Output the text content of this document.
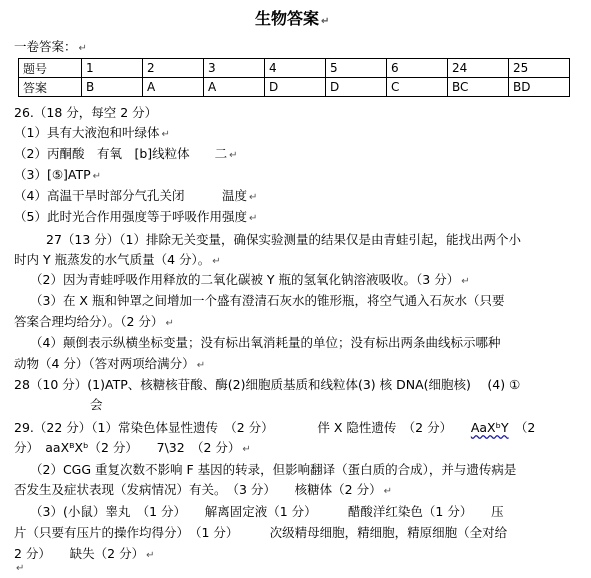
生物答案 ↵
一卷答案： ↵
题号	1	2	3	4	5	6	24	25
答案	B	A	A	D	D	C	BC	BD
26.（18 分，每空 2 分）
（1）具有大液泡和叶绿体 ↵
（2）丙酮酸　有氧　[b]线粒体　　二 ↵
（3）[⑤]ATP ↵
（4）高温干旱时部分气孔关闭　　　温度 ↵
（5）此时光合作用强度等于呼吸作用强度 ↵
27（13 分）（1）排除无关变量，确保实验测量的结果仅是由青蛙引起，能找出两个小
时内 Y 瓶蒸发的水气质量（4 分）。 ↵
（2）因为青蛙呼吸作用释放的二氧化碳被 Y 瓶的氢氧化钠溶液吸收。（3 分） ↵
（3）在 X 瓶和钟罩之间增加一个盛有澄清石灰水的锥形瓶，将空气通入石灰水（只要
答案合理均给分）。（2 分） ↵
（4）颠倒表示纵横坐标变量；没有标出氧消耗量的单位；没有标出两条曲线标示哪种
动物（4 分）（答对两项给满分） ↵
28（10 分）(1)ATP、核糖核苷酸、酶(2)细胞质基质和线粒体(3) 核 DNA(细胞核)　 (4) ①
会
29.（22 分）（1）常染色体显性遗传　（2 分）　　　　伴 X 隐性遗传　（2 分）　　AaXᵇY　 （2
分）　aaXᴮXᵇ（2 分）　　7\32　（2 分） ↵
（2）CGG 重复次数不影响 F 基因的转录，但影响翻译（蛋白质的合成），并与遗传病是
否发生及症状表现（发病情况）有关。　（3 分）　　核糖体（2 分） ↵
（3）(小鼠）睾丸　（1 分）　　解离固定液（1 分）　　　醋酸洋红染色（1 分）　　压
片（只要有压片的操作均得分）　（1 分）　　　次级精母细胞，精细胞，精原细胞（全对给
2 分）　　缺失（2 分） ↵
↵
